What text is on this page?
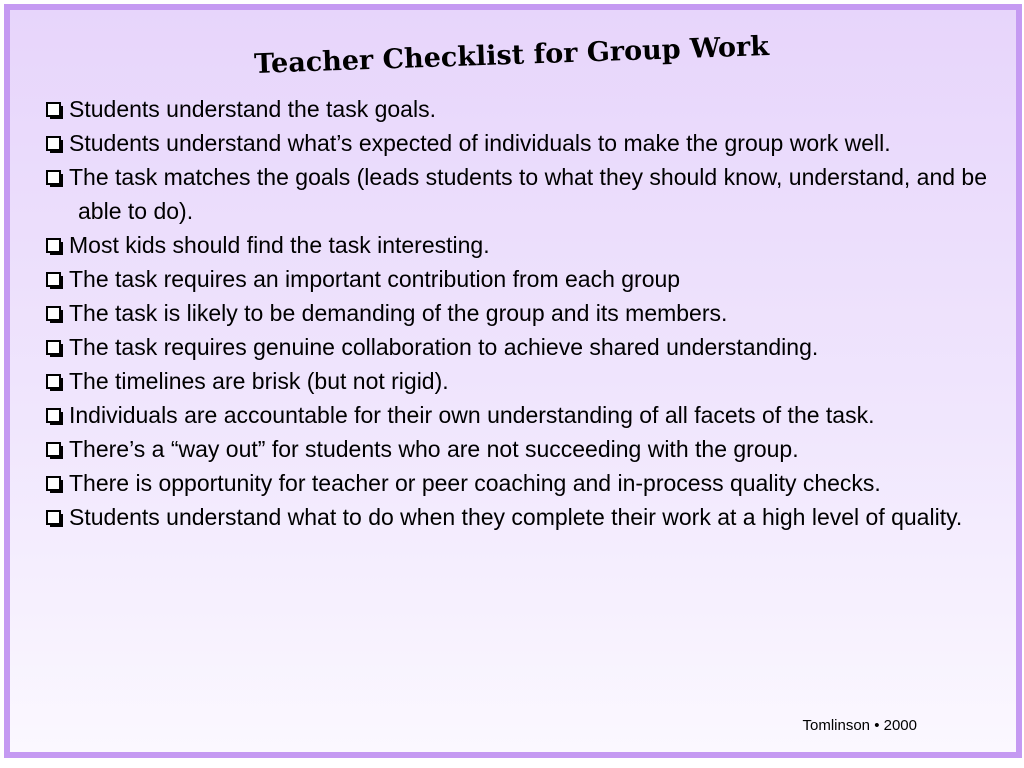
Teacher Checklist for Group Work
Students understand the task goals.
Students understand what’s expected of individuals to make the group work well.
The task matches the goals (leads students to what they should know, understand, and be able to do).
Most kids should find the task interesting.
The task requires an important contribution from each group
The task is likely to be demanding of the group and its members.
The task requires genuine collaboration to achieve shared understanding.
The timelines are brisk (but not rigid).
Individuals are accountable for their own understanding of all facets of the task.
There’s a “way out” for students who are not succeeding with the group.
There is opportunity for teacher or peer coaching and in-process quality checks.
Students understand what to do when they complete their work at a high level of quality.
Tomlinson • 2000
